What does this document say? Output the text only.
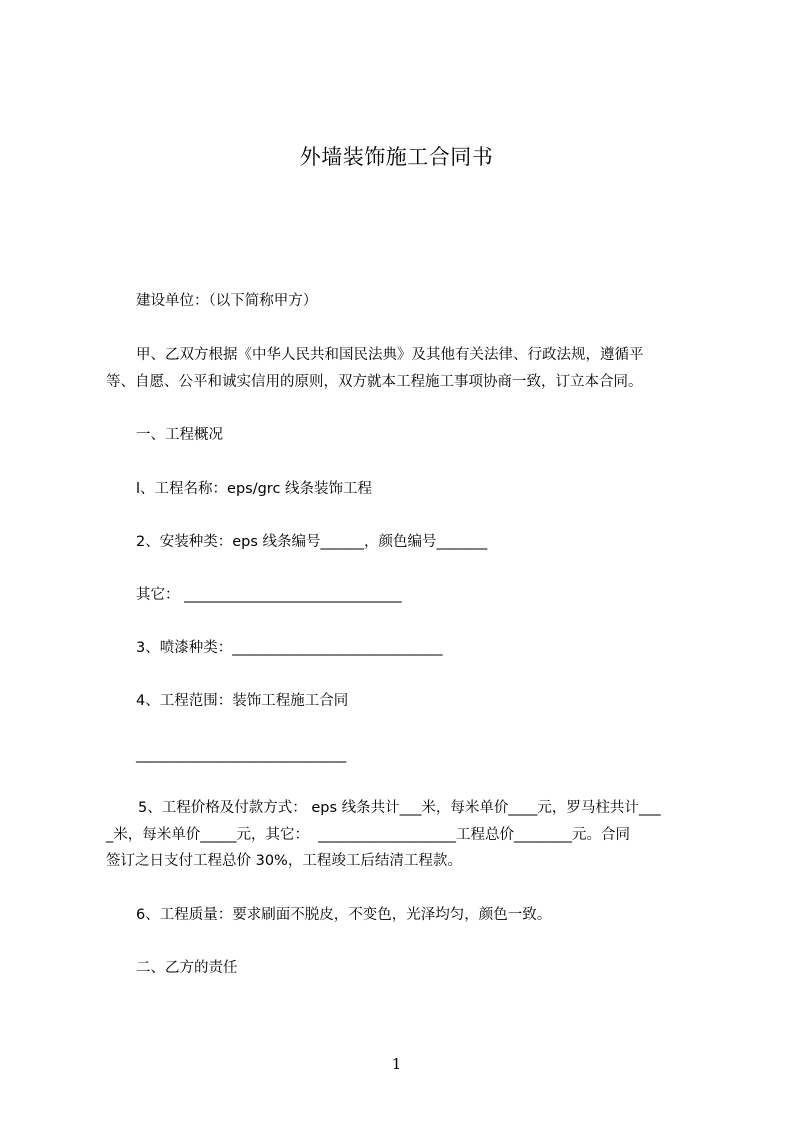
外墙装饰施工合同书
建设单位：（以下简称甲方）
甲、乙双方根据《中华人民共和国民法典》及其他有关法律、行政法规，遵循平
等、自愿、公平和诚实信用的原则，双方就本工程施工事项协商一致，订立本合同。
一、工程概况
l、工程名称：eps/grc 线条装饰工程
2、安装种类：eps 线条编号______，颜色编号_______
其它： ______________________________
3、喷漆种类：_____________________________
4、工程范围：装饰工程施工合同
_____________________________
5、工程价格及付款方式： eps 线条共计___米，每米单价____元，罗马柱共计___
_米，每米单价_____元，其它：  ___________________工程总价________元。合同
签订之日支付工程总价 30%，工程竣工后结清工程款。
6、工程质量：要求刷面不脱皮，不变色，光泽均匀，颜色一致。
二、乙方的责任
1
